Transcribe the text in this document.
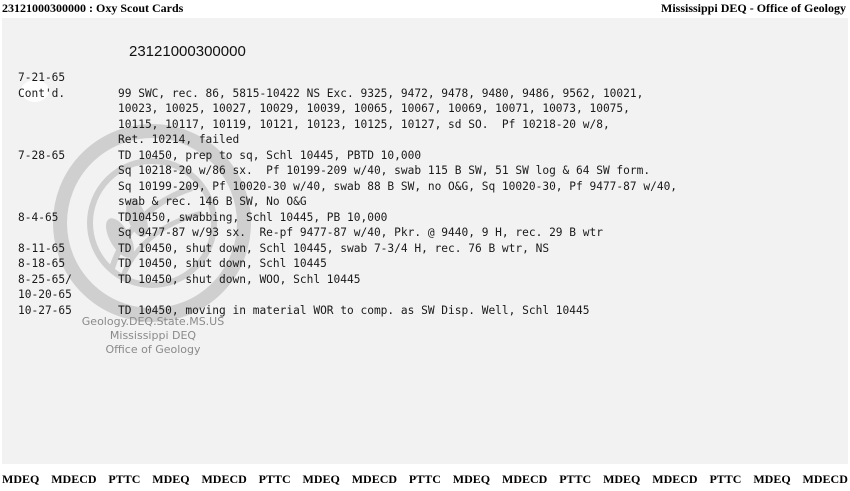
23121000300000 : Oxy Scout Cards	Mississippi DEQ - Office of Geology
Geology.DEQ.State.MS.US
Mississippi DEQ
Office of Geology
23121000300000
7-21-65
Cont'd.	99 SWC, rec. 86, 5815-10422 NS Exc. 9325, 9472, 9478, 9480, 9486, 9562, 10021,
10023, 10025, 10027, 10029, 10039, 10065, 10067, 10069, 10071, 10073, 10075,
10115, 10117, 10119, 10121, 10123, 10125, 10127, sd SO.  Pf 10218-20 w/8,
Ret. 10214, failed
7-28-65	TD 10450, prep to sq, Schl 10445, PBTD 10,000
Sq 10218-20 w/86 sx.  Pf 10199-209 w/40, swab 115 B SW, 51 SW log & 64 SW form.
Sq 10199-209, Pf 10020-30 w/40, swab 88 B SW, no O&G, Sq 10020-30, Pf 9477-87 w/40,
swab & rec. 146 B SW, No O&G
8-4-65	TD10450, swabbing, Schl 10445, PB 10,000
Sq 9477-87 w/93 sx.  Re-pf 9477-87 w/40, Pkr. @ 9440, 9 H, rec. 29 B wtr
8-11-65	TD 10450, shut down, Schl 10445, swab 7-3/4 H, rec. 76 B wtr, NS
8-18-65	TD 10450, shut down, Schl 10445
8-25-65/	TD 10450, shut down, WOO, Schl 10445
10-20-65
10-27-65	TD 10450, moving in material WOR to comp. as SW Disp. Well, Schl 10445
MDEQ MDECD PTTC MDEQ MDECD PTTC MDEQ MDECD PTTC MDEQ MDECD PTTC MDEQ MDECD PTTC MDEQ MDECD
